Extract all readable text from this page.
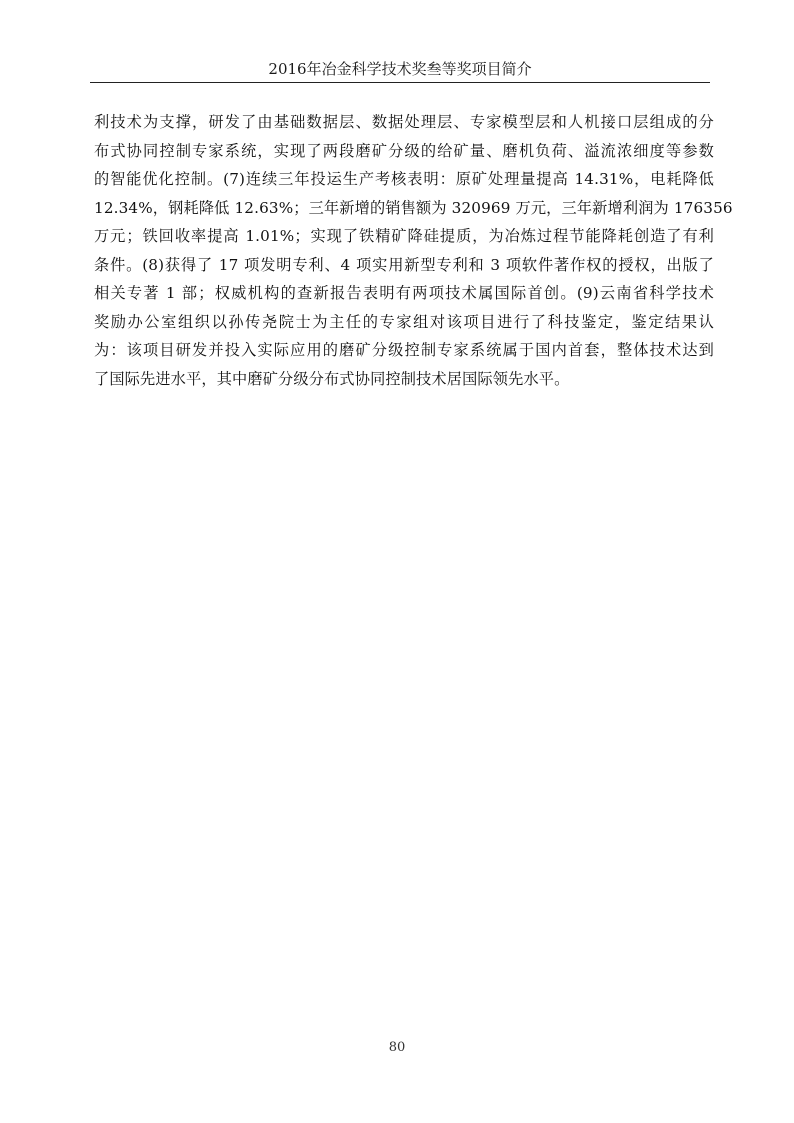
2016年冶金科学技术奖叁等奖项目简介
利技术为支撑，研发了由基础数据层、数据处理层、专家模型层和人机接口层组成的分
布式协同控制专家系统，实现了两段磨矿分级的给矿量、磨机负荷、溢流浓细度等参数
的智能优化控制。(7)连续三年投运生产考核表明：原矿处理量提高 14.31%，电耗降低
12.34%，钢耗降低 12.63%；三年新增的销售额为 320969 万元，三年新增利润为 176356
万元；铁回收率提高 1.01%；实现了铁精矿降硅提质，为冶炼过程节能降耗创造了有利
条件。(8)获得了 17 项发明专利、4 项实用新型专利和 3 项软件著作权的授权，出版了
相关专著 1 部；权威机构的查新报告表明有两项技术属国际首创。(9)云南省科学技术
奖励办公室组织以孙传尧院士为主任的专家组对该项目进行了科技鉴定，鉴定结果认
为：该项目研发并投入实际应用的磨矿分级控制专家系统属于国内首套，整体技术达到
了国际先进水平，其中磨矿分级分布式协同控制技术居国际领先水平。
80
